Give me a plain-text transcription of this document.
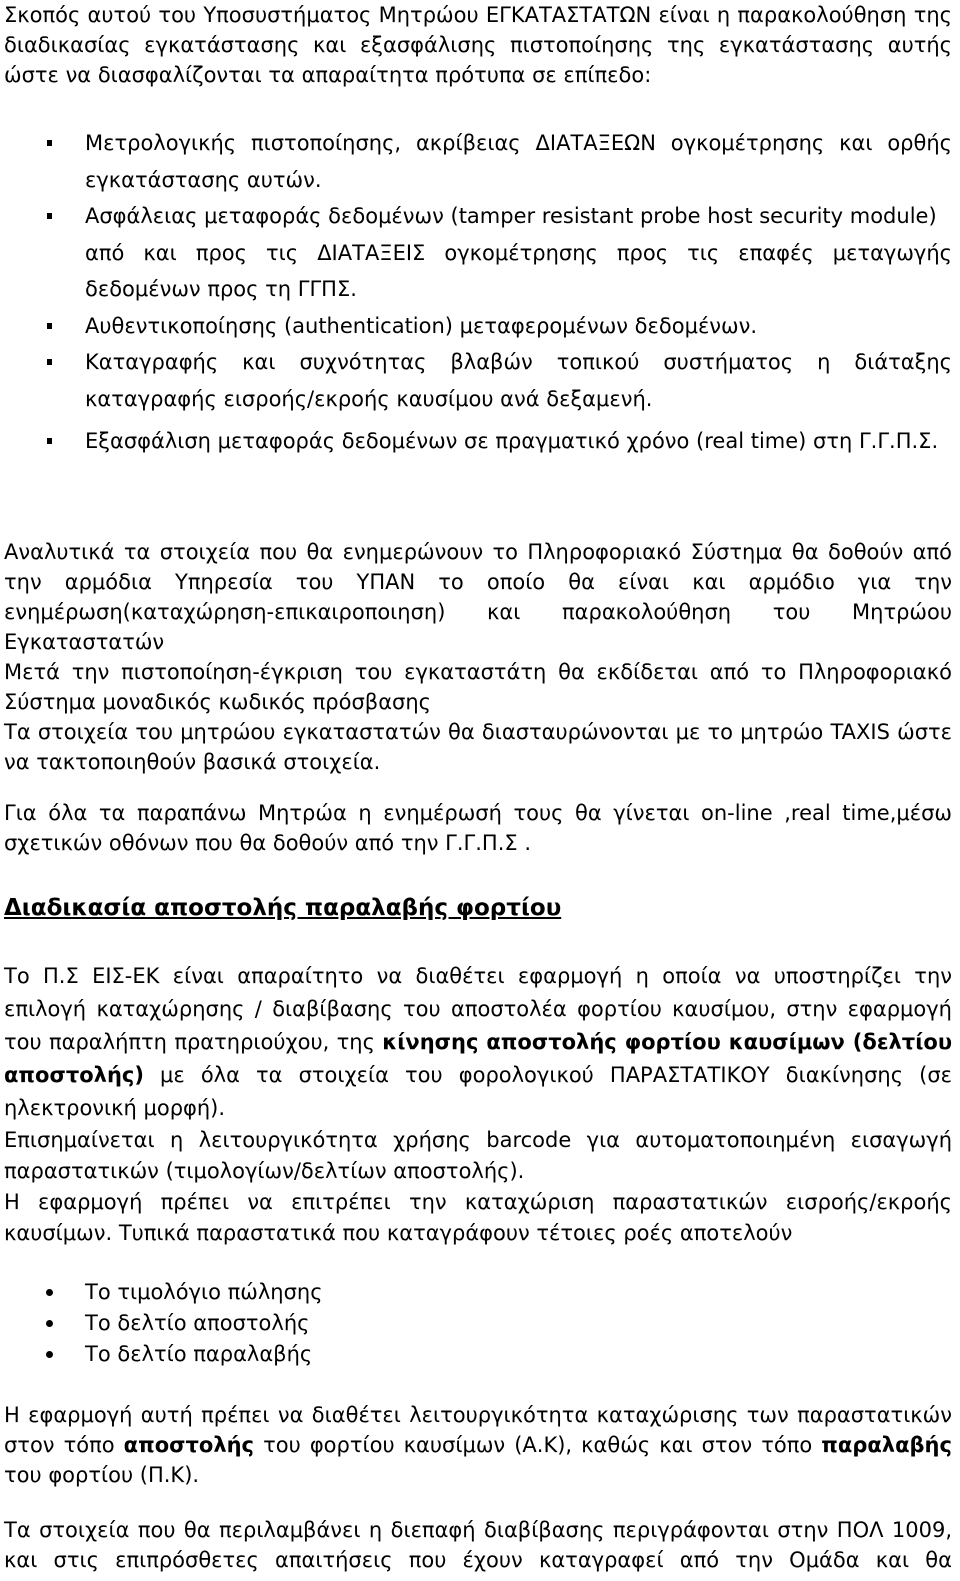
Σκοπός αυτού του Υποσυστήματος Μητρώου ΕΓΚΑΤΑΣΤΑΤΩΝ είναι η παρακολούθηση της διαδικασίας εγκατάστασης και εξασφάλισης πιστοποίησης της εγκατάστασης αυτής ώστε να διασφαλίζονται τα απαραίτητα πρότυπα σε επίπεδο:

Μετρολογικής πιστοποίησης, ακρίβειας ΔΙΑΤΑΞΕΩΝ ογκομέτρησης και ορθής εγκατάστασης αυτών.

Ασφάλειας μεταφοράς δεδομένων (tamper resistant probe host security module)

από και προς τις ΔΙΑΤΑΞΕΙΣ ογκομέτρησης προς τις επαφές μεταγωγής δεδομένων προς τη ΓΓΠΣ.

Αυθεντικοποίησης (authentication) μεταφερομένων δεδομένων.

Καταγραφής και συχνότητας βλαβών τοπικού συστήματος η διάταξης καταγραφής εισροής/εκροής καυσίμου ανά δεξαμενή.

Εξασφάλιση μεταφοράς δεδομένων σε πραγματικό χρόνο (real time) στη Γ.Γ.Π.Σ.

Αναλυτικά τα στοιχεία που θα ενημερώνουν το Πληροφοριακό Σύστημα θα δοθούν από την αρμόδια Υπηρεσία του ΥΠΑΝ το οποίο θα είναι και αρμόδιο για την ενημέρωση(καταχώρηση-επικαιροποιηση) και παρακολούθηση του Μητρώου Εγκαταστατών

Μετά την πιστοποίηση-έγκριση του εγκαταστάτη θα εκδίδεται από το Πληροφοριακό Σύστημα μοναδικός κωδικός πρόσβασης

Τα στοιχεία του μητρώου εγκαταστατών θα διασταυρώνονται με το μητρώο TAXIS ώστε να τακτοποιηθούν βασικά στοιχεία.

Για όλα τα παραπάνω Μητρώα η ενημέρωσή τους θα γίνεται on-line ,real time,μέσω σχετικών οθόνων που θα δοθούν από την Γ.Γ.Π.Σ .

Διαδικασία αποστολής παραλαβής φορτίου

Το Π.Σ ΕΙΣ-ΕΚ είναι απαραίτητο να διαθέτει εφαρμογή η οποία να υποστηρίζει την επιλογή καταχώρησης / διαβίβασης του αποστολέα φορτίου καυσίμου, στην εφαρμογή του παραλήπτη πρατηριούχου, της κίνησης αποστολής φορτίου καυσίμων (δελτίου αποστολής) με όλα τα στοιχεία του φορολογικού ΠΑΡΑΣΤΑΤΙΚΟΥ διακίνησης (σε ηλεκτρονική μορφή).

Επισημαίνεται η λειτουργικότητα χρήσης barcode για αυτοματοποιημένη εισαγωγή παραστατικών (τιμολογίων/δελτίων αποστολής).

Η εφαρμογή πρέπει να επιτρέπει την καταχώριση παραστατικών εισροής/εκροής καυσίμων. Τυπικά παραστατικά που καταγράφουν τέτοιες ροές αποτελούν

Το τιμολόγιο πώλησης
Το δελτίο αποστολής
Το δελτίο παραλαβής

Η εφαρμογή αυτή πρέπει να διαθέτει λειτουργικότητα καταχώρισης των παραστατικών στον τόπο αποστολής του φορτίου καυσίμων (Α.Κ), καθώς και στον τόπο παραλαβής του φορτίου (Π.Κ).

Τα στοιχεία που θα περιλαμβάνει η διεπαφή διαβίβασης περιγράφονται στην ΠΟΛ 1009, και στις επιπρόσθετες απαιτήσεις που έχουν καταγραφεί από την Ομάδα και θα
